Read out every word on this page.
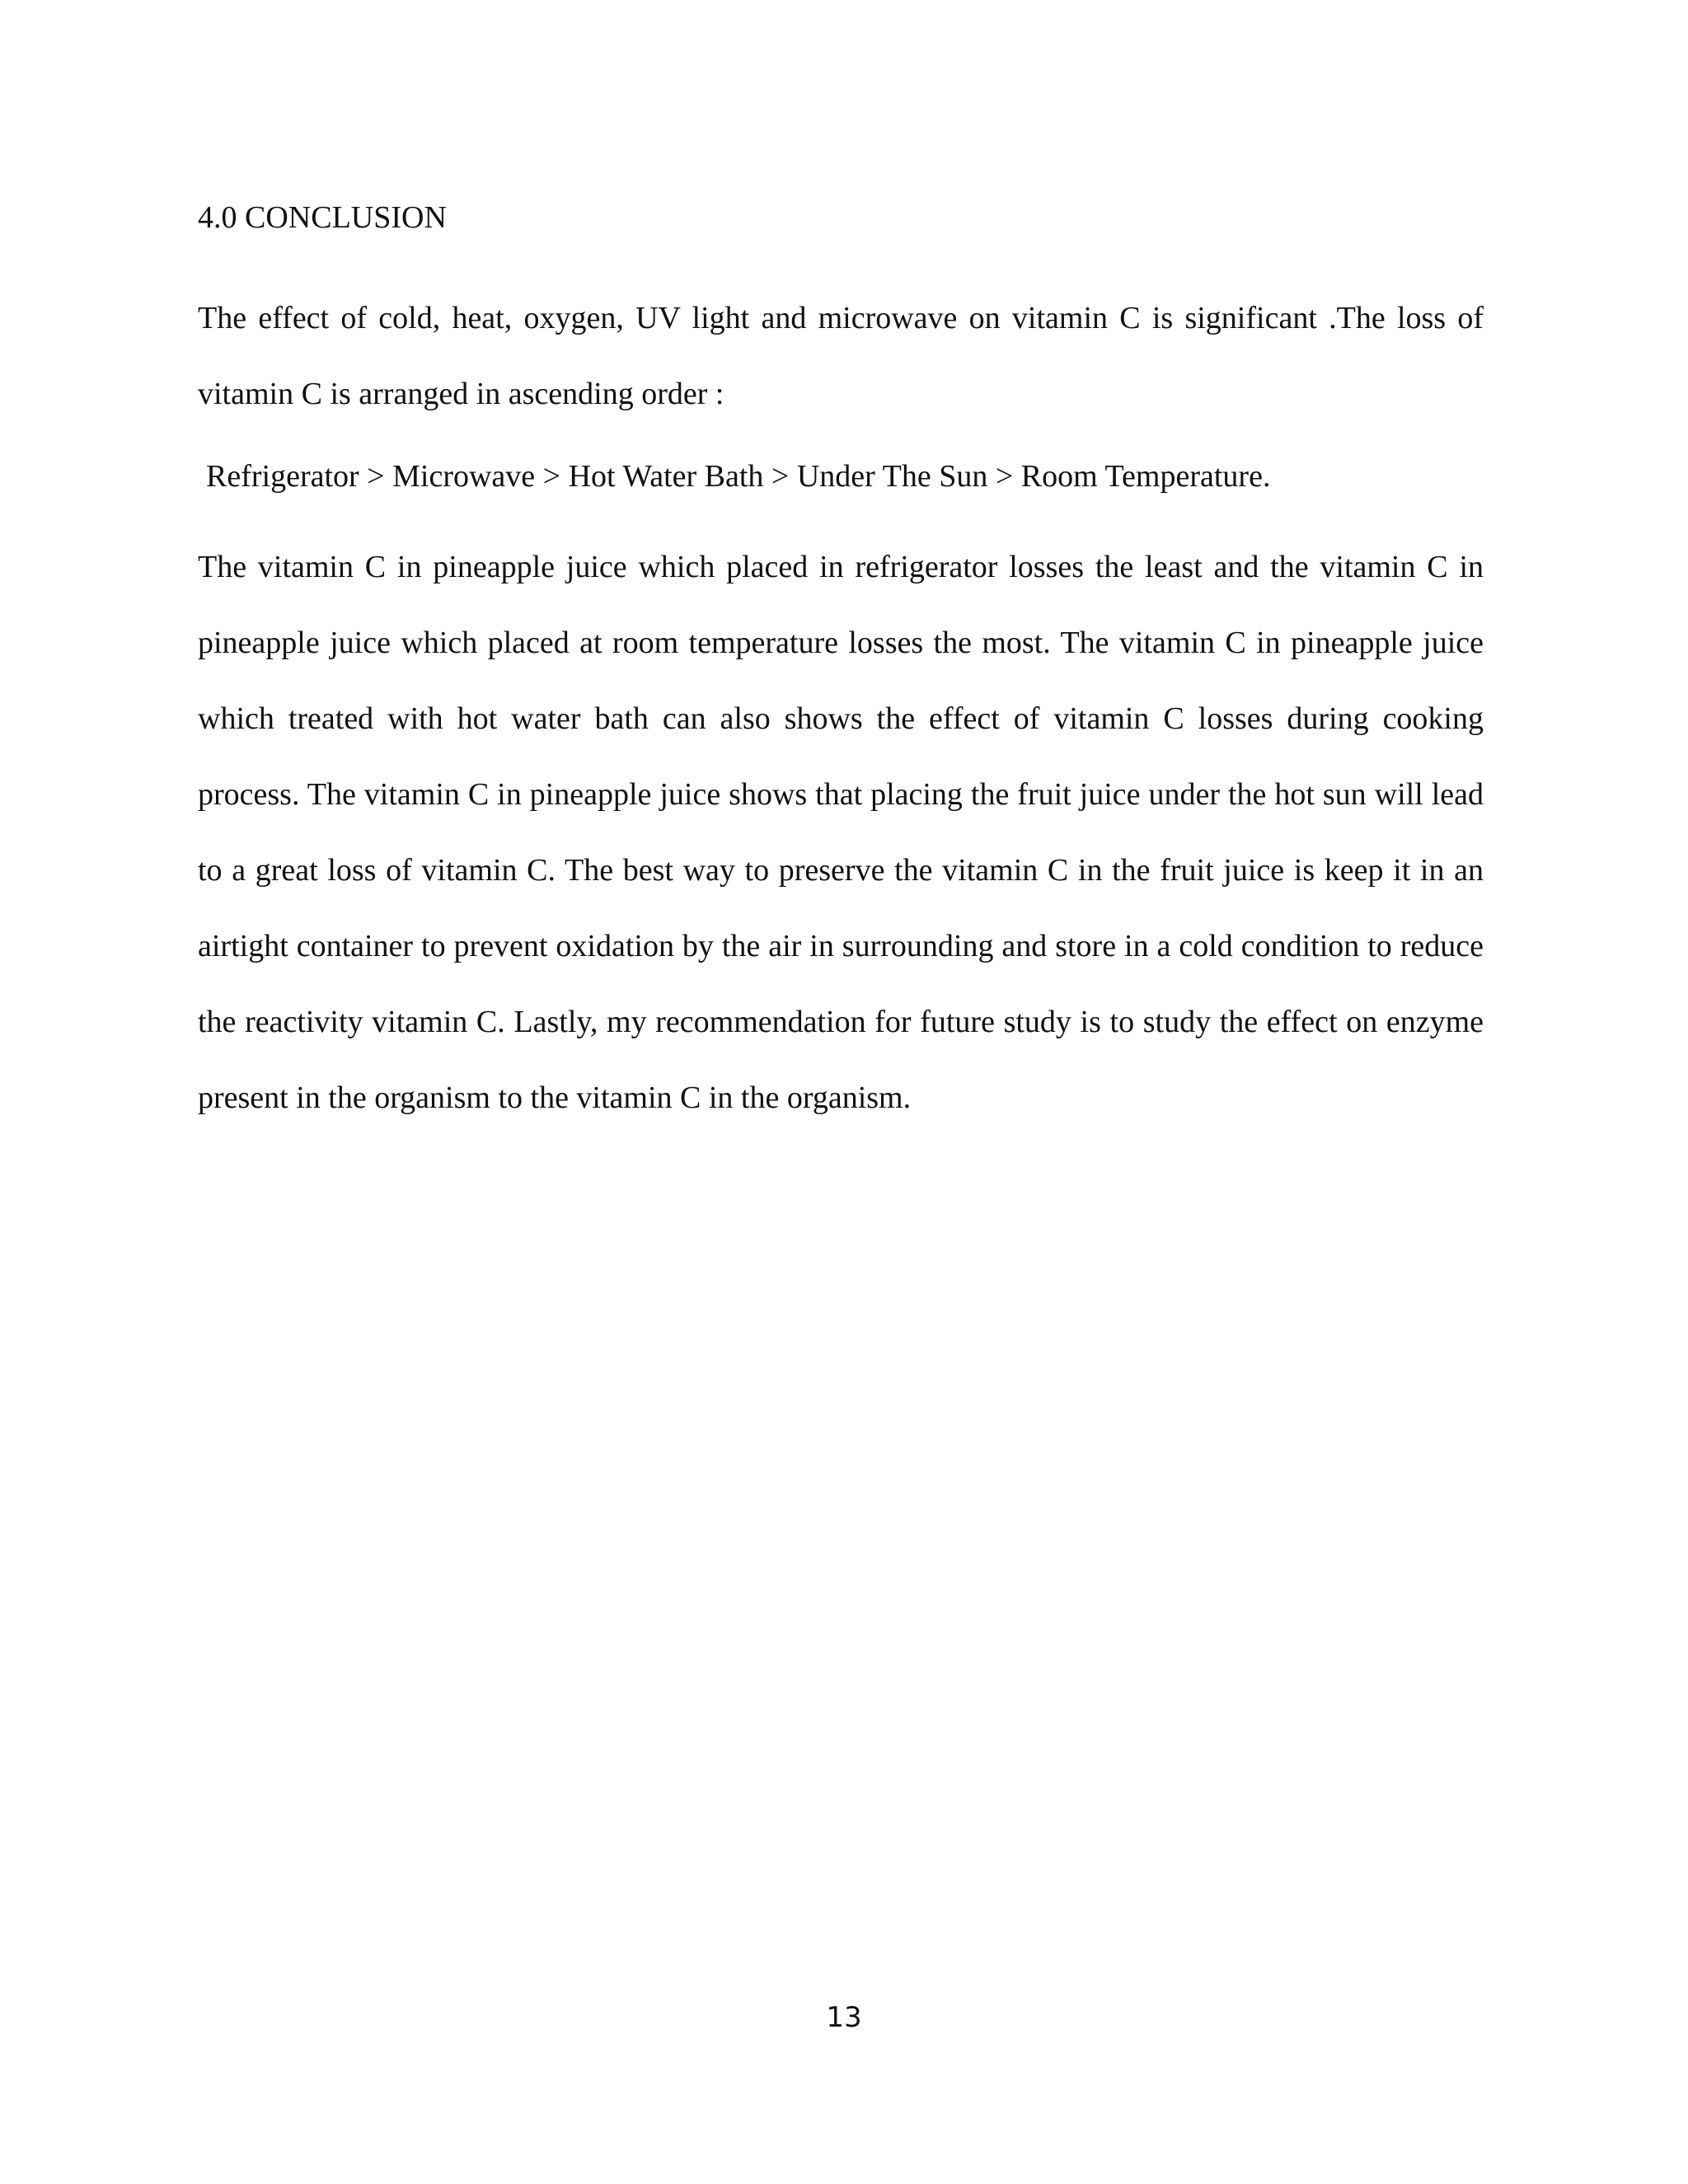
4.0 CONCLUSION

The effect of cold, heat, oxygen, UV light and microwave on vitamin C is significant .The loss of vitamin C is arranged in ascending order :

Refrigerator > Microwave > Hot Water Bath > Under The Sun > Room Temperature.

The vitamin C in pineapple juice which placed in refrigerator losses the least and the vitamin C in pineapple juice which placed at room temperature losses the most. The vitamin C in pineapple juice which treated with hot water bath can also shows the effect of vitamin C losses during cooking process. The vitamin C in pineapple juice shows that placing the fruit juice under the hot sun will lead to a great loss of vitamin C. The best way to preserve the vitamin C in the fruit juice is keep it in an airtight container to prevent oxidation by the air in surrounding and store in a cold condition to reduce the reactivity vitamin C. Lastly, my recommendation for future study is to study the effect on enzyme present in the organism to the vitamin C in the organism.

13
